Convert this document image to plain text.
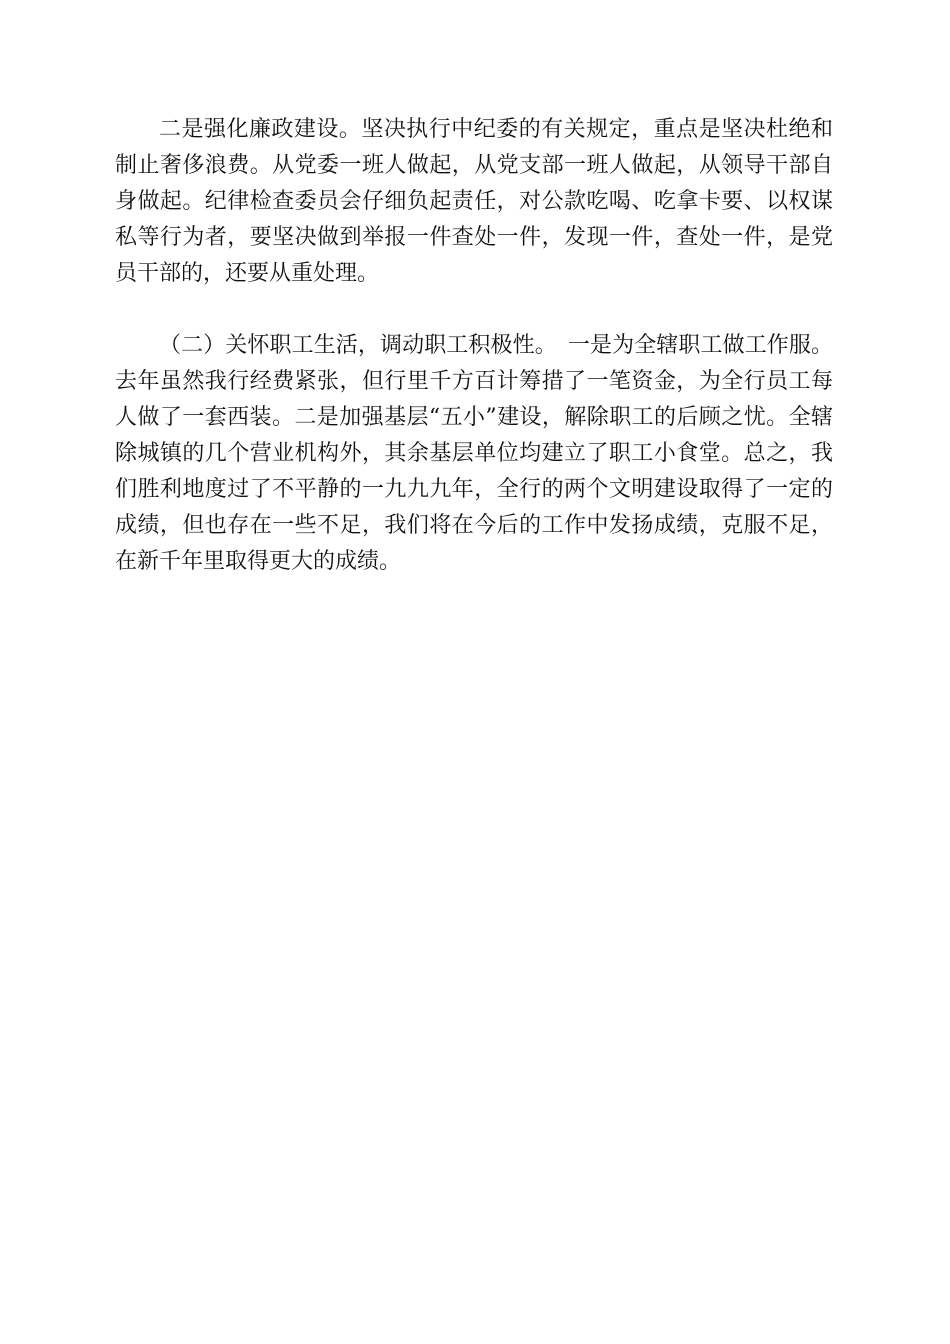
二是强化廉政建设。坚决执行中纪委的有关规定，重点是坚决杜绝和制止奢侈浪费。从党委一班人做起，从党支部一班人做起，从领导干部自身做起。纪律检查委员会仔细负起责任，对公款吃喝、吃拿卡要、以权谋私等行为者，要坚决做到举报一件查处一件，发现一件，查处一件，是党员干部的，还要从重处理。

（二）关怀职工生活，调动职工积极性。　一是为全辖职工做工作服。去年虽然我行经费紧张，但行里千方百计筹措了一笔资金，为全行员工每人做了一套西装。二是加强基层“五小”建设，解除职工的后顾之忧。全辖除城镇的几个营业机构外，其余基层单位均建立了职工小食堂。总之，我们胜利地度过了不平静的一九九九年，全行的两个文明建设取得了一定的成绩，但也存在一些不足，我们将在今后的工作中发扬成绩，克服不足，在新千年里取得更大的成绩。
